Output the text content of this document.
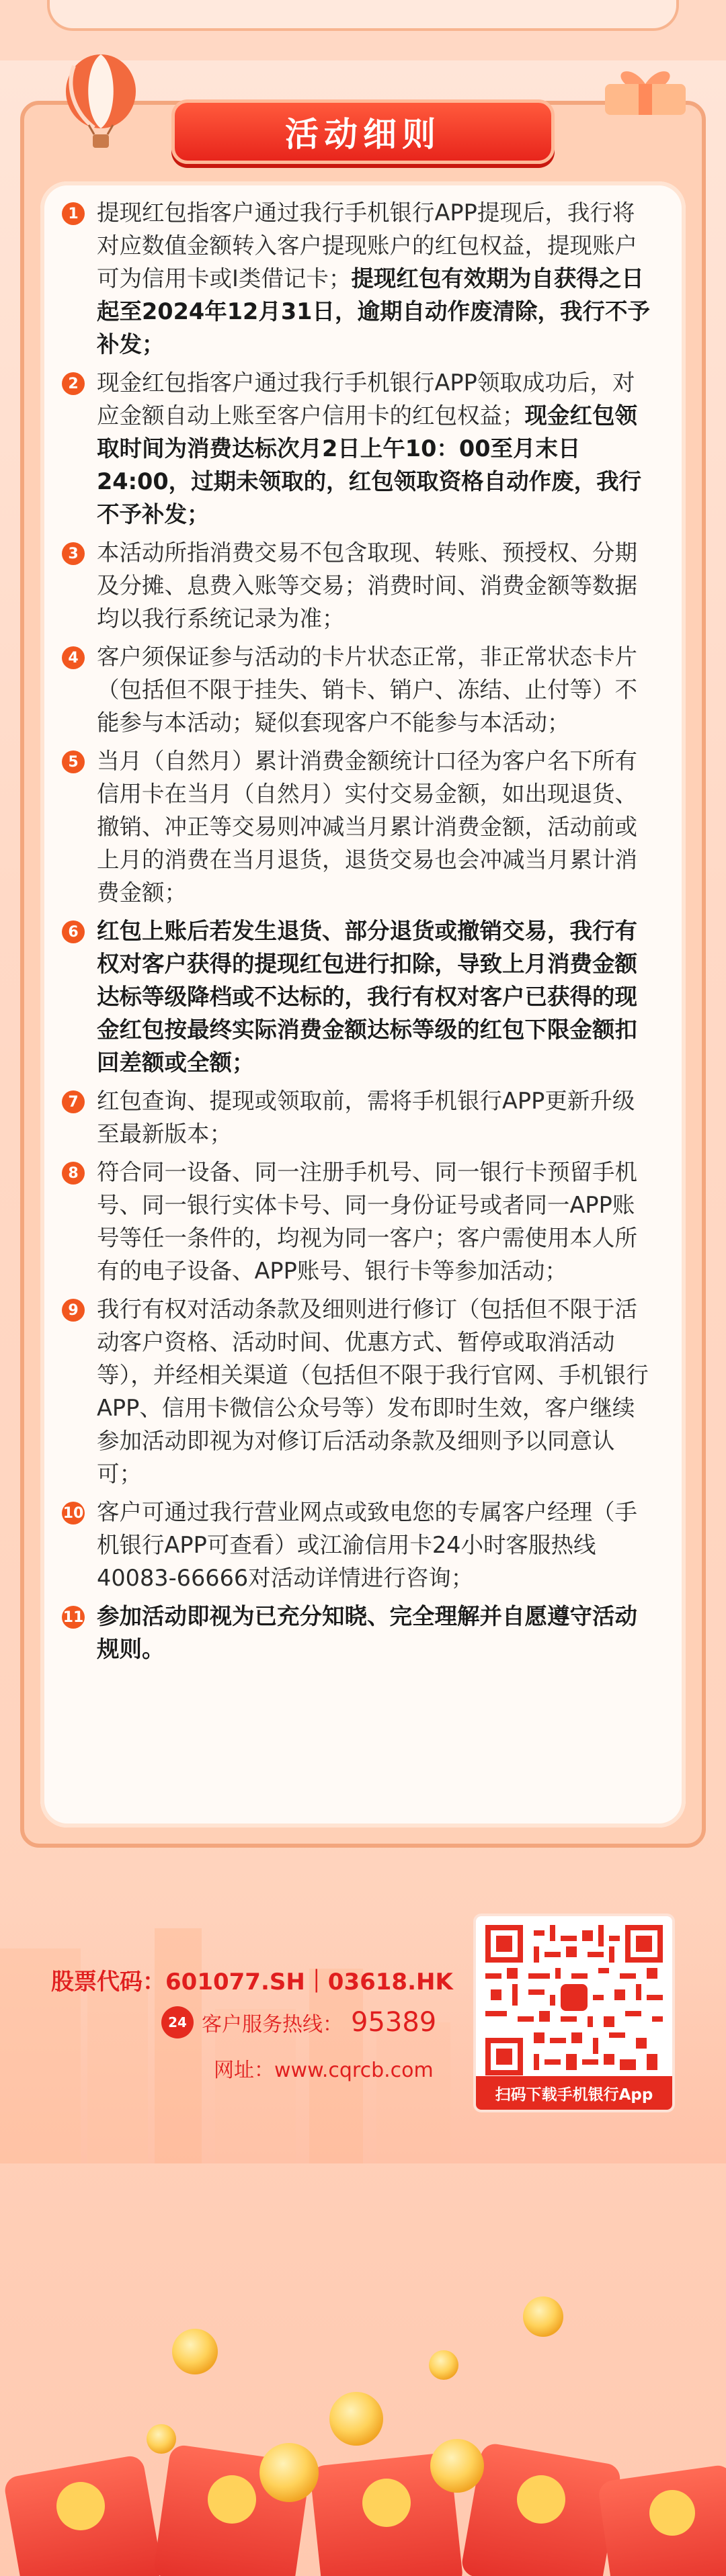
活动细则
1 提现红包指客户通过我行手机银行APP提现后，我行将对应数值金额转入客户提现账户的红包权益，提现账户可为信用卡或I类借记卡；提现红包有效期为自获得之日起至2024年12月31日，逾期自动作废清除，我行不予补发；
2 现金红包指客户通过我行手机银行APP领取成功后，对应金额自动上账至客户信用卡的红包权益；现金红包领取时间为消费达标次月2日上午10：00至月末日24:00，过期未领取的，红包领取资格自动作废，我行不予补发；
3 本活动所指消费交易不包含取现、转账、预授权、分期及分摊、息费入账等交易；消费时间、消费金额等数据均以我行系统记录为准；
4 客户须保证参与活动的卡片状态正常，非正常状态卡片（包括但不限于挂失、销卡、销户、冻结、止付等）不能参与本活动；疑似套现客户不能参与本活动；
5 当月（自然月）累计消费金额统计口径为客户名下所有信用卡在当月（自然月）实付交易金额，如出现退货、撤销、冲正等交易则冲减当月累计消费金额，活动前或上月的消费在当月退货，退货交易也会冲减当月累计消费金额；
6 红包上账后若发生退货、部分退货或撤销交易，我行有权对客户获得的提现红包进行扣除，导致上月消费金额达标等级降档或不达标的，我行有权对客户已获得的现金红包按最终实际消费金额达标等级的红包下限金额扣回差额或全额；
7 红包查询、提现或领取前，需将手机银行APP更新升级至最新版本；
8 符合同一设备、同一注册手机号、同一银行卡预留手机号、同一银行实体卡号、同一身份证号或者同一APP账号等任一条件的，均视为同一客户；客户需使用本人所有的电子设备、APP账号、银行卡等参加活动；
9 我行有权对活动条款及细则进行修订（包括但不限于活动客户资格、活动时间、优惠方式、暂停或取消活动等），并经相关渠道（包括但不限于我行官网、手机银行APP、信用卡微信公众号等）发布即时生效，客户继续参加活动即视为对修订后活动条款及细则予以同意认可；
10 客户可通过我行营业网点或致电您的专属客户经理（手机银行APP可查看）或江渝信用卡24小时客服热线40083-66666对活动详情进行咨询；
11 参加活动即视为已充分知晓、完全理解并自愿遵守活动规则。
股票代码：601077.SH｜03618.HK
24 客户服务热线： 95389
网址：www.cqrcb.com
扫码下载手机银行App
